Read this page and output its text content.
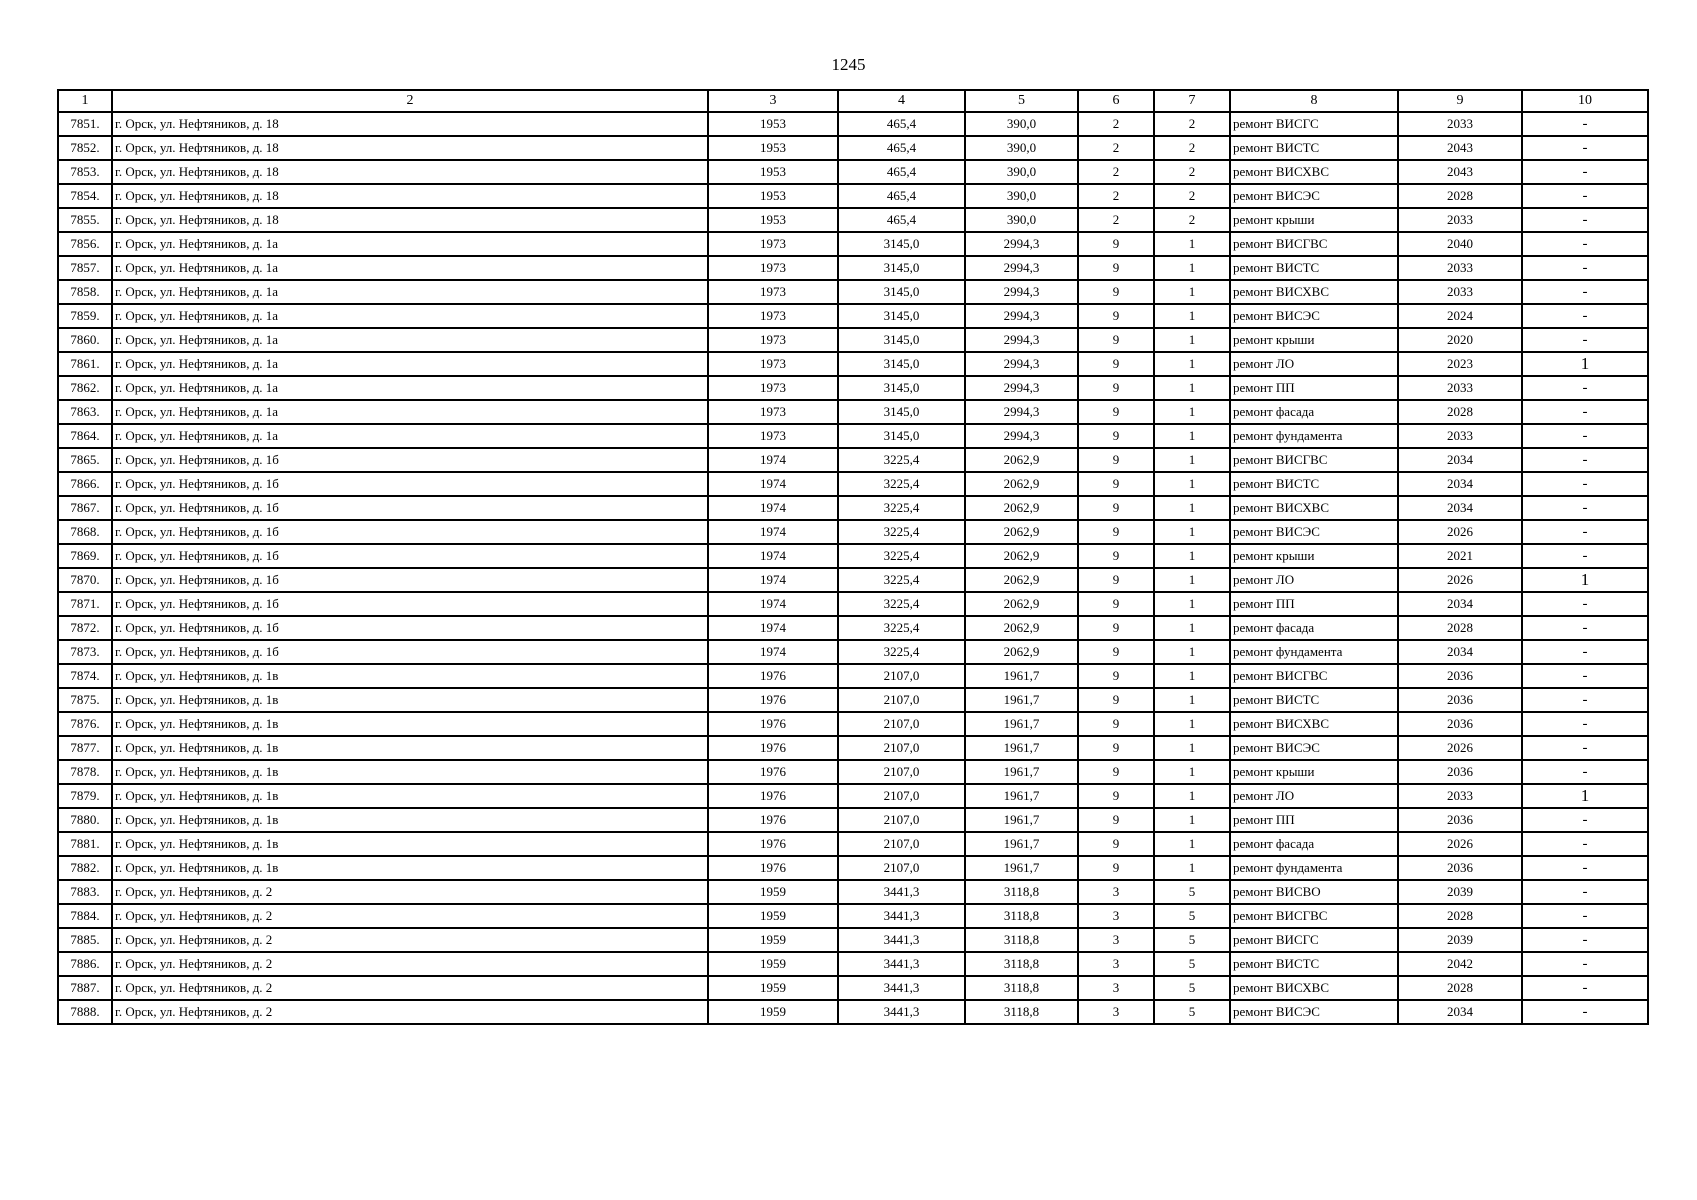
1245
1	2	3	4	5	6	7	8	9	10
7851.	г. Орск, ул. Нефтяников, д. 18	1953	465,4	390,0	2	2	ремонт ВИСГС	2033	-
7852.	г. Орск, ул. Нефтяников, д. 18	1953	465,4	390,0	2	2	ремонт ВИСТС	2043	-
7853.	г. Орск, ул. Нефтяников, д. 18	1953	465,4	390,0	2	2	ремонт ВИСХВС	2043	-
7854.	г. Орск, ул. Нефтяников, д. 18	1953	465,4	390,0	2	2	ремонт ВИСЭС	2028	-
7855.	г. Орск, ул. Нефтяников, д. 18	1953	465,4	390,0	2	2	ремонт крыши	2033	-
7856.	г. Орск, ул. Нефтяников, д. 1а	1973	3145,0	2994,3	9	1	ремонт ВИСГВС	2040	-
7857.	г. Орск, ул. Нефтяников, д. 1а	1973	3145,0	2994,3	9	1	ремонт ВИСТС	2033	-
7858.	г. Орск, ул. Нефтяников, д. 1а	1973	3145,0	2994,3	9	1	ремонт ВИСХВС	2033	-
7859.	г. Орск, ул. Нефтяников, д. 1а	1973	3145,0	2994,3	9	1	ремонт ВИСЭС	2024	-
7860.	г. Орск, ул. Нефтяников, д. 1а	1973	3145,0	2994,3	9	1	ремонт крыши	2020	-
7861.	г. Орск, ул. Нефтяников, д. 1а	1973	3145,0	2994,3	9	1	ремонт ЛО	2023	1
7862.	г. Орск, ул. Нефтяников, д. 1а	1973	3145,0	2994,3	9	1	ремонт ПП	2033	-
7863.	г. Орск, ул. Нефтяников, д. 1а	1973	3145,0	2994,3	9	1	ремонт фасада	2028	-
7864.	г. Орск, ул. Нефтяников, д. 1а	1973	3145,0	2994,3	9	1	ремонт фундамента	2033	-
7865.	г. Орск, ул. Нефтяников, д. 1б	1974	3225,4	2062,9	9	1	ремонт ВИСГВС	2034	-
7866.	г. Орск, ул. Нефтяников, д. 1б	1974	3225,4	2062,9	9	1	ремонт ВИСТС	2034	-
7867.	г. Орск, ул. Нефтяников, д. 1б	1974	3225,4	2062,9	9	1	ремонт ВИСХВС	2034	-
7868.	г. Орск, ул. Нефтяников, д. 1б	1974	3225,4	2062,9	9	1	ремонт ВИСЭС	2026	-
7869.	г. Орск, ул. Нефтяников, д. 1б	1974	3225,4	2062,9	9	1	ремонт крыши	2021	-
7870.	г. Орск, ул. Нефтяников, д. 1б	1974	3225,4	2062,9	9	1	ремонт ЛО	2026	1
7871.	г. Орск, ул. Нефтяников, д. 1б	1974	3225,4	2062,9	9	1	ремонт ПП	2034	-
7872.	г. Орск, ул. Нефтяников, д. 1б	1974	3225,4	2062,9	9	1	ремонт фасада	2028	-
7873.	г. Орск, ул. Нефтяников, д. 1б	1974	3225,4	2062,9	9	1	ремонт фундамента	2034	-
7874.	г. Орск, ул. Нефтяников, д. 1в	1976	2107,0	1961,7	9	1	ремонт ВИСГВС	2036	-
7875.	г. Орск, ул. Нефтяников, д. 1в	1976	2107,0	1961,7	9	1	ремонт ВИСТС	2036	-
7876.	г. Орск, ул. Нефтяников, д. 1в	1976	2107,0	1961,7	9	1	ремонт ВИСХВС	2036	-
7877.	г. Орск, ул. Нефтяников, д. 1в	1976	2107,0	1961,7	9	1	ремонт ВИСЭС	2026	-
7878.	г. Орск, ул. Нефтяников, д. 1в	1976	2107,0	1961,7	9	1	ремонт крыши	2036	-
7879.	г. Орск, ул. Нефтяников, д. 1в	1976	2107,0	1961,7	9	1	ремонт ЛО	2033	1
7880.	г. Орск, ул. Нефтяников, д. 1в	1976	2107,0	1961,7	9	1	ремонт ПП	2036	-
7881.	г. Орск, ул. Нефтяников, д. 1в	1976	2107,0	1961,7	9	1	ремонт фасада	2026	-
7882.	г. Орск, ул. Нефтяников, д. 1в	1976	2107,0	1961,7	9	1	ремонт фундамента	2036	-
7883.	г. Орск, ул. Нефтяников, д. 2	1959	3441,3	3118,8	3	5	ремонт ВИСВО	2039	-
7884.	г. Орск, ул. Нефтяников, д. 2	1959	3441,3	3118,8	3	5	ремонт ВИСГВС	2028	-
7885.	г. Орск, ул. Нефтяников, д. 2	1959	3441,3	3118,8	3	5	ремонт ВИСГС	2039	-
7886.	г. Орск, ул. Нефтяников, д. 2	1959	3441,3	3118,8	3	5	ремонт ВИСТС	2042	-
7887.	г. Орск, ул. Нефтяников, д. 2	1959	3441,3	3118,8	3	5	ремонт ВИСХВС	2028	-
7888.	г. Орск, ул. Нефтяников, д. 2	1959	3441,3	3118,8	3	5	ремонт ВИСЭС	2034	-
